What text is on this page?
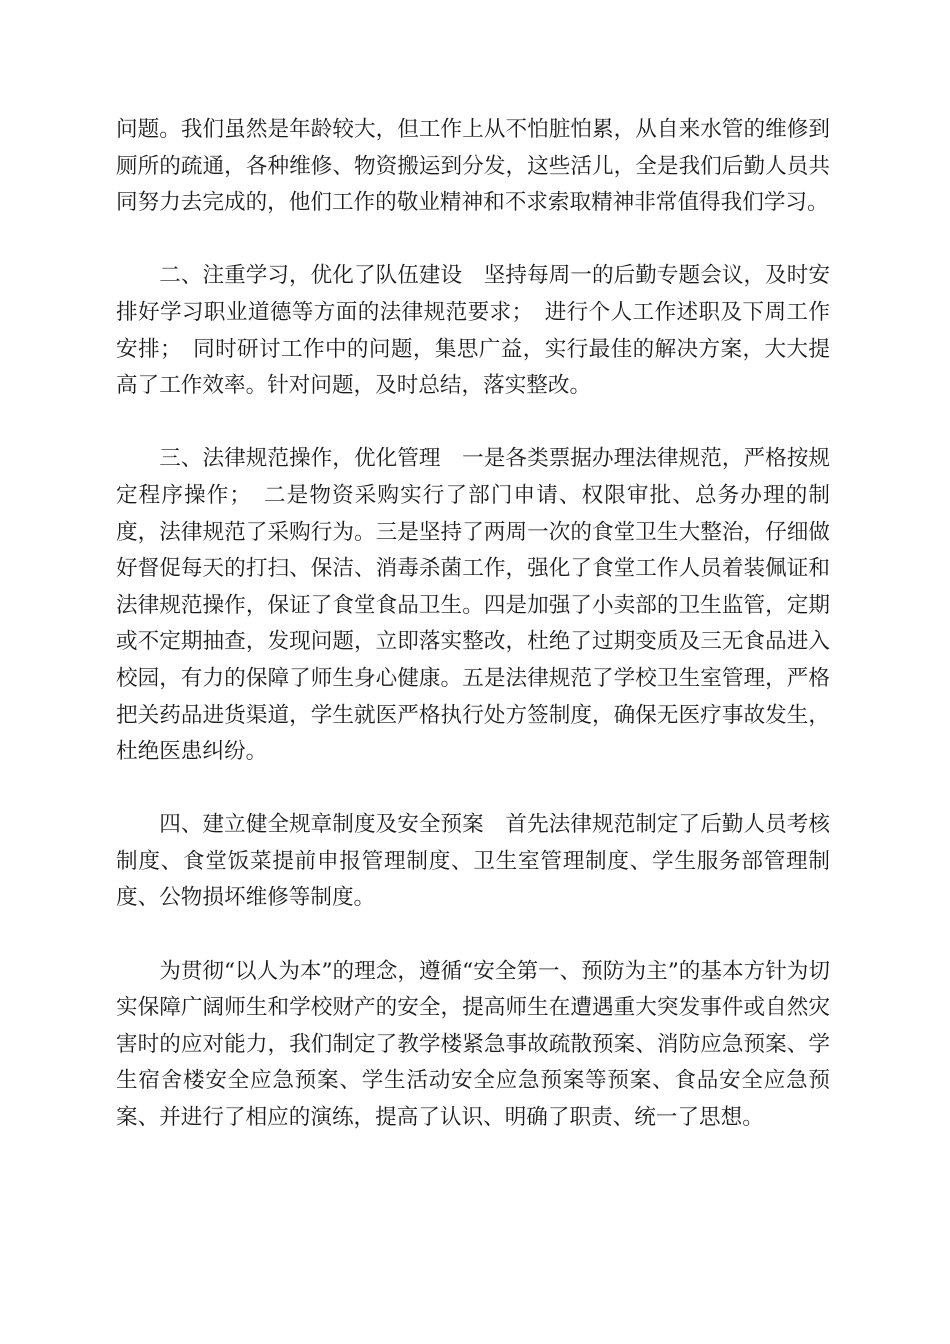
问题。我们虽然是年龄较大，但工作上从不怕脏怕累，从自来水管的维修到厕所的疏通，各种维修、物资搬运到分发，这些活儿，全是我们后勤人员共同努力去完成的，他们工作的敬业精神和不求索取精神非常值得我们学习。

二、注重学习，优化了队伍建设　坚持每周一的后勤专题会议，及时安排好学习职业道德等方面的法律规范要求；　进行个人工作述职及下周工作安排；　同时研讨工作中的问题，集思广益，实行最佳的解决方案，大大提高了工作效率。针对问题，及时总结，落实整改。

三、法律规范操作，优化管理　一是各类票据办理法律规范，严格按规定程序操作；　二是物资采购实行了部门申请、权限审批、总务办理的制度，法律规范了采购行为。三是坚持了两周一次的食堂卫生大整治，仔细做好督促每天的打扫、保洁、消毒杀菌工作，强化了食堂工作人员着装佩证和法律规范操作，保证了食堂食品卫生。四是加强了小卖部的卫生监管，定期或不定期抽查，发现问题，立即落实整改，杜绝了过期变质及三无食品进入校园，有力的保障了师生身心健康。五是法律规范了学校卫生室管理，严格把关药品进货渠道，学生就医严格执行处方签制度，确保无医疗事故发生，杜绝医患纠纷。

四、建立健全规章制度及安全预案　首先法律规范制定了后勤人员考核制度、食堂饭菜提前申报管理制度、卫生室管理制度、学生服务部管理制度、公物损坏维修等制度。

为贯彻“以人为本”的理念，遵循“安全第一、预防为主”的基本方针为切实保障广阔师生和学校财产的安全，提高师生在遭遇重大突发事件或自然灾害时的应对能力，我们制定了教学楼紧急事故疏散预案、消防应急预案、学生宿舍楼安全应急预案、学生活动安全应急预案等预案、食品安全应急预案、并进行了相应的演练，提高了认识、明确了职责、统一了思想。
